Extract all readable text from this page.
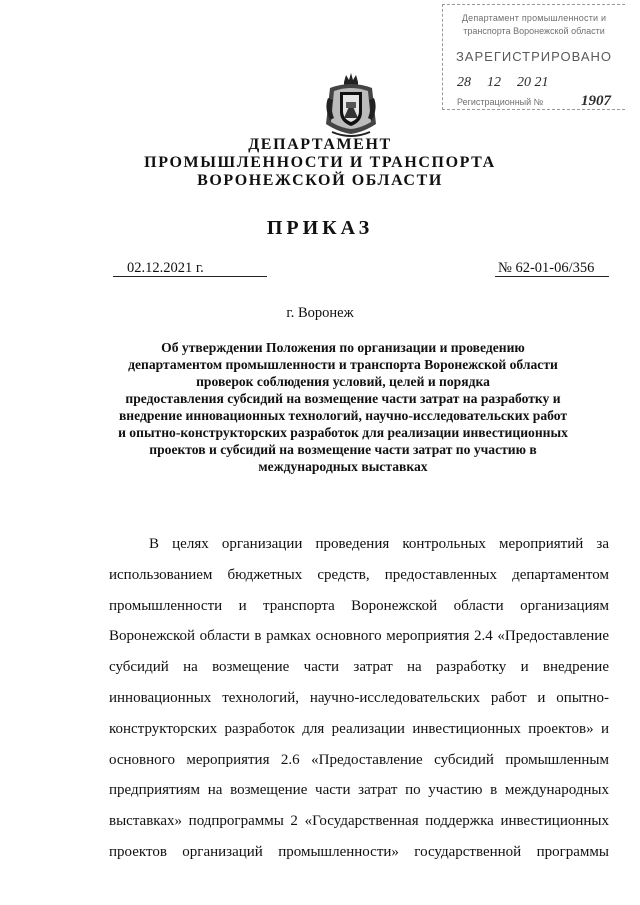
Департамент промышленности и
транспорта Воронежской области
ЗАРЕГИСТРИРОВАНО
28 12 20 21
Регистрационный №	1907
ДЕПАРТАМЕНТ
ПРОМЫШЛЕННОСТИ И ТРАНСПОРТА
ВОРОНЕЖСКОЙ ОБЛАСТИ
ПРИКАЗ
02.12.2021 г.	№ 62-01-06/356
г. Воронеж
Об утверждении Положения по организации и проведению
департаментом промышленности и транспорта Воронежской области
проверок соблюдения условий, целей и порядка
предоставления субсидий на возмещение части затрат на разработку и
внедрение инновационных технологий, научно-исследовательских работ
и опытно-конструкторских разработок для реализации инвестиционных
проектов и субсидий на возмещение части затрат по участию в
международных выставках
В целях организации проведения контрольных мероприятий за
использованием бюджетных средств, предоставленных департаментом
промышленности и транспорта Воронежской области организациям
Воронежской области в рамках основного мероприятия 2.4 «Предоставление
субсидий на возмещение части затрат на разработку и внедрение
инновационных технологий, научно-исследовательских работ и опытно-
конструкторских разработок для реализации инвестиционных проектов» и
основного мероприятия 2.6 «Предоставление субсидий промышленным
предприятиям на возмещение части затрат по участию в международных
выставках» подпрограммы 2 «Государственная поддержка инвестиционных
проектов организаций промышленности» государственной программы
